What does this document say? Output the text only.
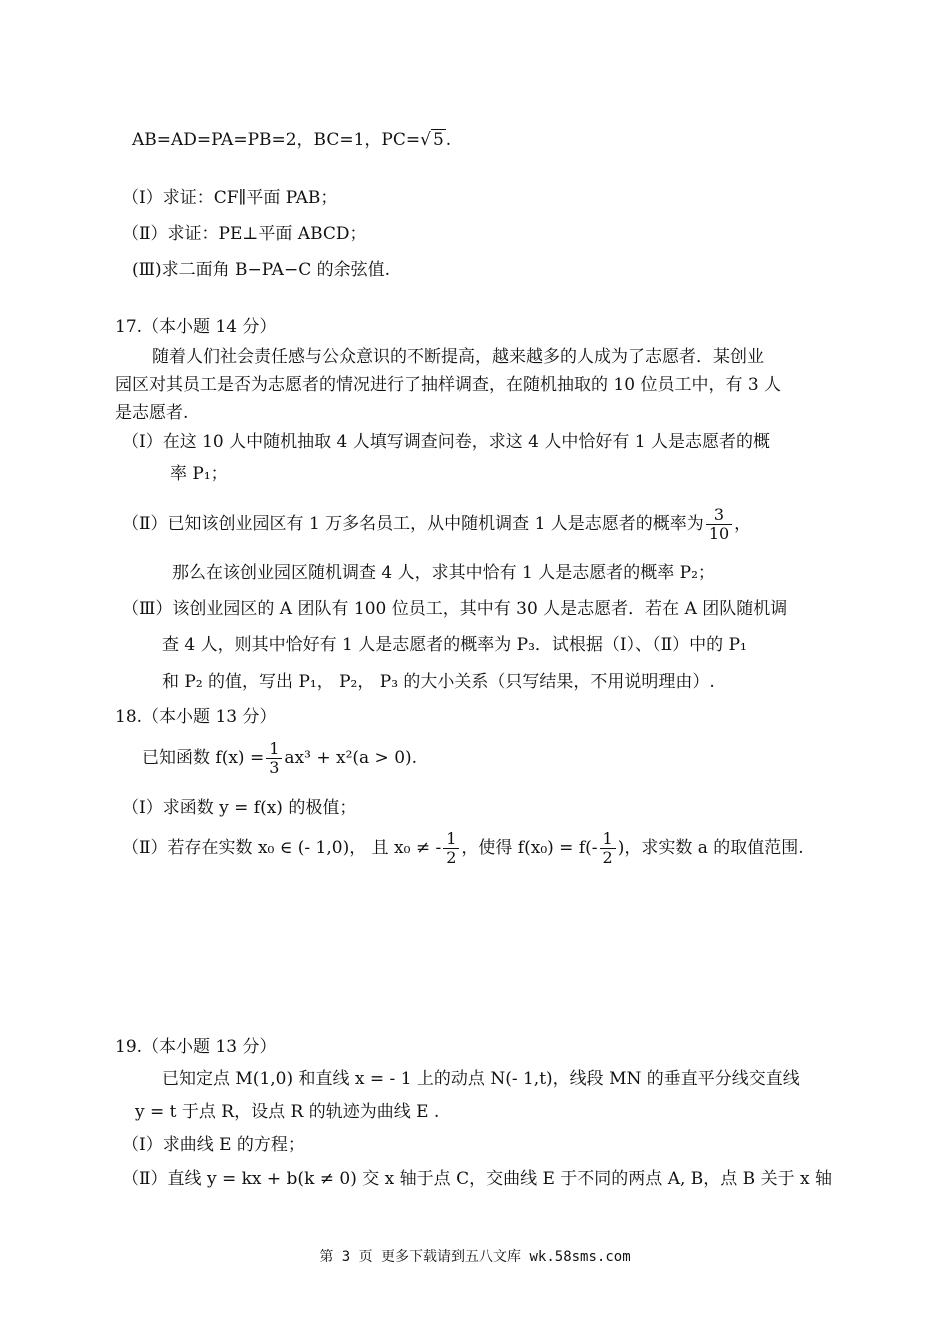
AB=AD=PA=PB=2，BC=1，PC=√ 5 .
（Ⅰ）求证：CF∥平面 PAB；
（Ⅱ）求证：PE⊥平面 ABCD；
(Ⅲ)求二面角 B−PA−C 的余弦值.
17.（本小题 14 分）
随着人们社会责任感与公众意识的不断提高，越来越多的人成为了志愿者．某创业
园区对其员工是否为志愿者的情况进行了抽样调查，在随机抽取的 10 位员工中，有 3 人
是志愿者.
（Ⅰ）在这 10 人中随机抽取 4 人填写调查问卷，求这 4 人中恰好有 1 人是志愿者的概
率 P₁；
（Ⅱ）已知该创业园区有 1 万多名员工，从中随机调查 1 人是志愿者的概率为 $\frac{3}{10}$ ，
那么在该创业园区随机调查 4 人，求其中恰有 1 人是志愿者的概率 P₂；
（Ⅲ）该创业园区的 A 团队有 100 位员工，其中有 30 人是志愿者．若在 A 团队随机调
查 4 人，则其中恰好有 1 人是志愿者的概率为 P₃．试根据（Ⅰ）、（Ⅱ）中的 P₁
和 P₂ 的值，写出 P₁， P₂， P₃ 的大小关系（只写结果，不用说明理由）.
18.（本小题 13 分）
已知函数 $f(x) = \frac{1}{3} ax^3 + x^2(a > 0)$.
（Ⅰ）求函数 y = f(x) 的极值；
（Ⅱ）若存在实数 x₀ ∈ (- 1,0)， 且 x₀ ≠ - $\frac{1}{2}$ ，使得 $f(x_0) = f(- \frac{1}{2}$ )，求实数 a 的取值范围.
19.（本小题 13 分）
已知定点 M(1,0) 和直线 x = - 1 上的动点 N(- 1,t)，线段 MN 的垂直平分线交直线
y = t 于点 R，设点 R 的轨迹为曲线 E .
（Ⅰ）求曲线 E 的方程；
（Ⅱ）直线 y = kx + b(k ≠ 0) 交 x 轴于点 C，交曲线 E 于不同的两点 A, B，点 B 关于 x 轴
第 3 页 更多下载请到五八文库 wk.58sms.com
